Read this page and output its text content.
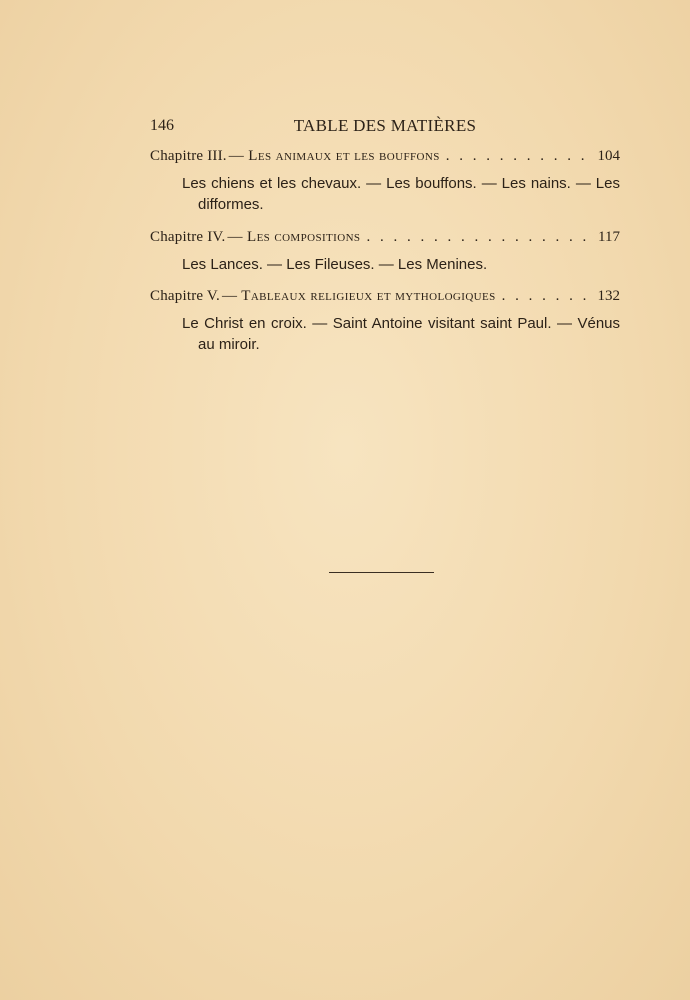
146	TABLE DES MATIÈRES
Chapitre III. — Les animaux et les bouffons . . .	104
Les chiens et les chevaux. — Les bouffons. — Les nains. — Les difformes.
Chapitre IV. — Les compositions . . .	117
Les Lances. — Les Fileuses. — Les Menines.
Chapitre V. — Tableaux religieux et mythologiques . . .	132
Le Christ en croix. — Saint Antoine visitant saint Paul. — Vénus au miroir.
